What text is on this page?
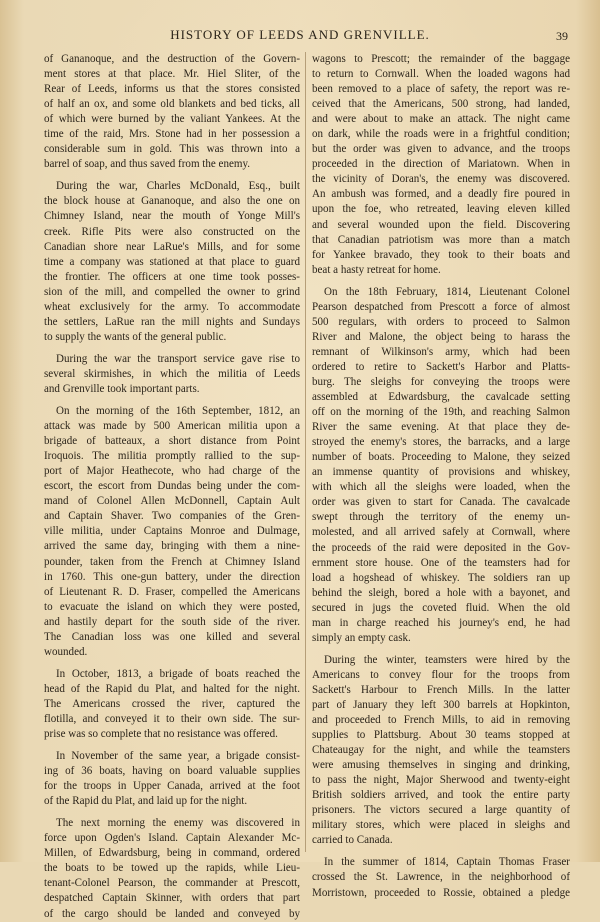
HISTORY OF LEEDS AND GRENVILLE.	39
of Gananoque, and the destruction of the Govern-
ment stores at that place. Mr. Hiel Sliter, of the
Rear of Leeds, informs us that the stores consisted
of half an ox, and some old blankets and bed ticks, all
of which were burned by the valiant Yankees. At the
time of the raid, Mrs. Stone had in her possession a
considerable sum in gold. This was thrown into a
barrel of soap, and thus saved from the enemy.
During the war, Charles McDonald, Esq., built
the block house at Gananoque, and also the one on
Chimney Island, near the mouth of Yonge Mill's
creek. Rifle Pits were also constructed on the
Canadian shore near LaRue's Mills, and for some
time a company was stationed at that place to guard
the frontier. The officers at one time took posses-
sion of the mill, and compelled the owner to grind
wheat exclusively for the army. To accommodate
the settlers, LaRue ran the mill nights and Sundays
to supply the wants of the general public.
During the war the transport service gave rise to
several skirmishes, in which the militia of Leeds
and Grenville took important parts.
On the morning of the 16th September, 1812, an
attack was made by 500 American militia upon a
brigade of batteaux, a short distance from Point
Iroquois. The militia promptly rallied to the sup-
port of Major Heathecote, who had charge of the
escort, the escort from Dundas being under the com-
mand of Colonel Allen McDonnell, Captain Ault
and Captain Shaver. Two companies of the Gren-
ville militia, under Captains Monroe and Dulmage,
arrived the same day, bringing with them a nine-
pounder, taken from the French at Chimney Island
in 1760. This one-gun battery, under the direction
of Lieutenant R. D. Fraser, compelled the Americans
to evacuate the island on which they were posted,
and hastily depart for the south side of the river.
The Canadian loss was one killed and several
wounded.
In October, 1813, a brigade of boats reached the
head of the Rapid du Plat, and halted for the night.
The Americans crossed the river, captured the
flotilla, and conveyed it to their own side. The sur-
prise was so complete that no resistance was offered.
In November of the same year, a brigade consist-
ing of 36 boats, having on board valuable supplies
for the troops in Upper Canada, arrived at the foot
of the Rapid du Plat, and laid up for the night.
The next morning the enemy was discovered in
force upon Ogden's Island. Captain Alexander Mc-
Millen, of Edwardsburg, being in command, ordered
the boats to be towed up the rapids, while Lieu-
tenant-Colonel Pearson, the commander at Prescott,
despatched Captain Skinner, with orders that part
of the cargo should be landed and conveyed by
wagons to Prescott; the remainder of the baggage
to return to Cornwall. When the loaded wagons had
been removed to a place of safety, the report was re-
ceived that the Americans, 500 strong, had landed,
and were about to make an attack. The night came
on dark, while the roads were in a frightful condition;
but the order was given to advance, and the troops
proceeded in the direction of Mariatown. When in
the vicinity of Doran's, the enemy was discovered.
An ambush was formed, and a deadly fire poured in
upon the foe, who retreated, leaving eleven killed
and several wounded upon the field. Discovering
that Canadian patriotism was more than a match
for Yankee bravado, they took to their boats and
beat a hasty retreat for home.
On the 18th February, 1814, Lieutenant Colonel
Pearson despatched from Prescott a force of almost
500 regulars, with orders to proceed to Salmon
River and Malone, the object being to harass the
remnant of Wilkinson's army, which had been
ordered to retire to Sackett's Harbor and Platts-
burg. The sleighs for conveying the troops were
assembled at Edwardsburg, the cavalcade setting
off on the morning of the 19th, and reaching Salmon
River the same evening. At that place they de-
stroyed the enemy's stores, the barracks, and a large
number of boats. Proceeding to Malone, they seized
an immense quantity of provisions and whiskey,
with which all the sleighs were loaded, when the
order was given to start for Canada. The cavalcade
swept through the territory of the enemy un-
molested, and all arrived safely at Cornwall, where
the proceeds of the raid were deposited in the Gov-
ernment store house. One of the teamsters had for
load a hogshead of whiskey. The soldiers ran up
behind the sleigh, bored a hole with a bayonet, and
secured in jugs the coveted fluid. When the old
man in charge reached his journey's end, he had
simply an empty cask.
During the winter, teamsters were hired by the
Americans to convey flour for the troops from
Sackett's Harbour to French Mills. In the latter
part of January they left 300 barrels at Hopkinton,
and proceeded to French Mills, to aid in removing
supplies to Plattsburg. About 30 teams stopped at
Chateaugay for the night, and while the teamsters
were amusing themselves in singing and drinking,
to pass the night, Major Sherwood and twenty-eight
British soldiers arrived, and took the entire party
prisoners. The victors secured a large quantity of
military stores, which were placed in sleighs and
carried to Canada.
In the summer of 1814, Captain Thomas Fraser
crossed the St. Lawrence, in the neighborhood of
Morristown, proceeded to Rossie, obtained a pledge
